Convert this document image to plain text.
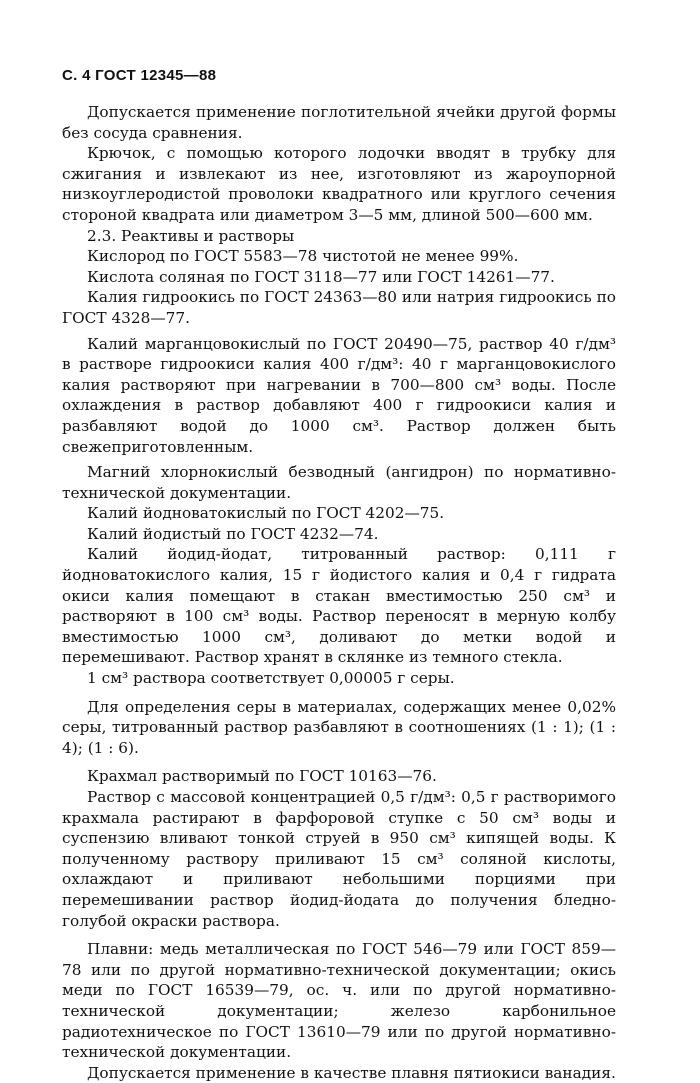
С. 4 ГОСТ 12345—88

Допускается применение поглотительной ячейки другой формы без сосуда сравнения.

Крючок, с помощью которого лодочки вводят в трубку для сжигания и извлекают из нее, изготовляют из жароупорной низкоуглеродистой проволоки квадратного или круглого сечения стороной квадрата или диаметром 3—5 мм, длиной 500—600 мм.

2.3. Реактивы и растворы

Кислород по ГОСТ 5583—78 чистотой не менее 99%.

Кислота соляная по ГОСТ 3118—77 или ГОСТ 14261—77.

Калия гидроокись по ГОСТ 24363—80 или натрия гидроокись по ГОСТ 4328—77.

Калий марганцовокислый по ГОСТ 20490—75, раствор 40 г/дм³ в растворе гидроокиси калия 400 г/дм³: 40 г марганцовокислого калия растворяют при нагревании в 700—800 см³ воды. После охлаждения в раствор добавляют 400 г гидроокиси калия и разбавляют водой до 1000 см³. Раствор должен быть свежеприготовленным.

Магний хлорнокислый безводный (ангидрон) по нормативно-технической документации.

Калий йодноватокислый по ГОСТ 4202—75.

Калий йодистый по ГОСТ 4232—74.

Калий йодид-йодат, титрованный раствор: 0,111 г йодноватокислого калия, 15 г йодистого калия и 0,4 г гидрата окиси калия помещают в стакан вместимостью 250 см³ и растворяют в 100 см³ воды. Раствор переносят в мерную колбу вместимостью 1000 см³, доливают до метки водой и перемешивают. Раствор хранят в склянке из темного стекла.

1 см³ раствора соответствует 0,00005 г серы.

Для определения серы в материалах, содержащих менее 0,02% серы, титрованный раствор разбавляют в соотношениях (1 : 1); (1 : 4); (1 : 6).

Крахмал растворимый по ГОСТ 10163—76.

Раствор с массовой концентрацией 0,5 г/дм³: 0,5 г растворимого крахмала растирают в фарфоровой ступке с 50 см³ воды и суспензию вливают тонкой струей в 950 см³ кипящей воды. К полученному раствору приливают 15 см³ соляной кислоты, охлаждают и приливают небольшими порциями при перемешивании раствор йодид-йодата до получения бледно-голубой окраски раствора.

Плавни: медь металлическая по ГОСТ 546—79 или ГОСТ 859—78 или по другой нормативно-технической документации; окись меди по ГОСТ 16539—79, ос. ч. или по другой нормативно-технической документации; железо карбонильное радиотехническое по ГОСТ 13610—79 или по другой нормативно-технической документации.

Допускается применение в качестве плавня пятиокиси ванадия.
